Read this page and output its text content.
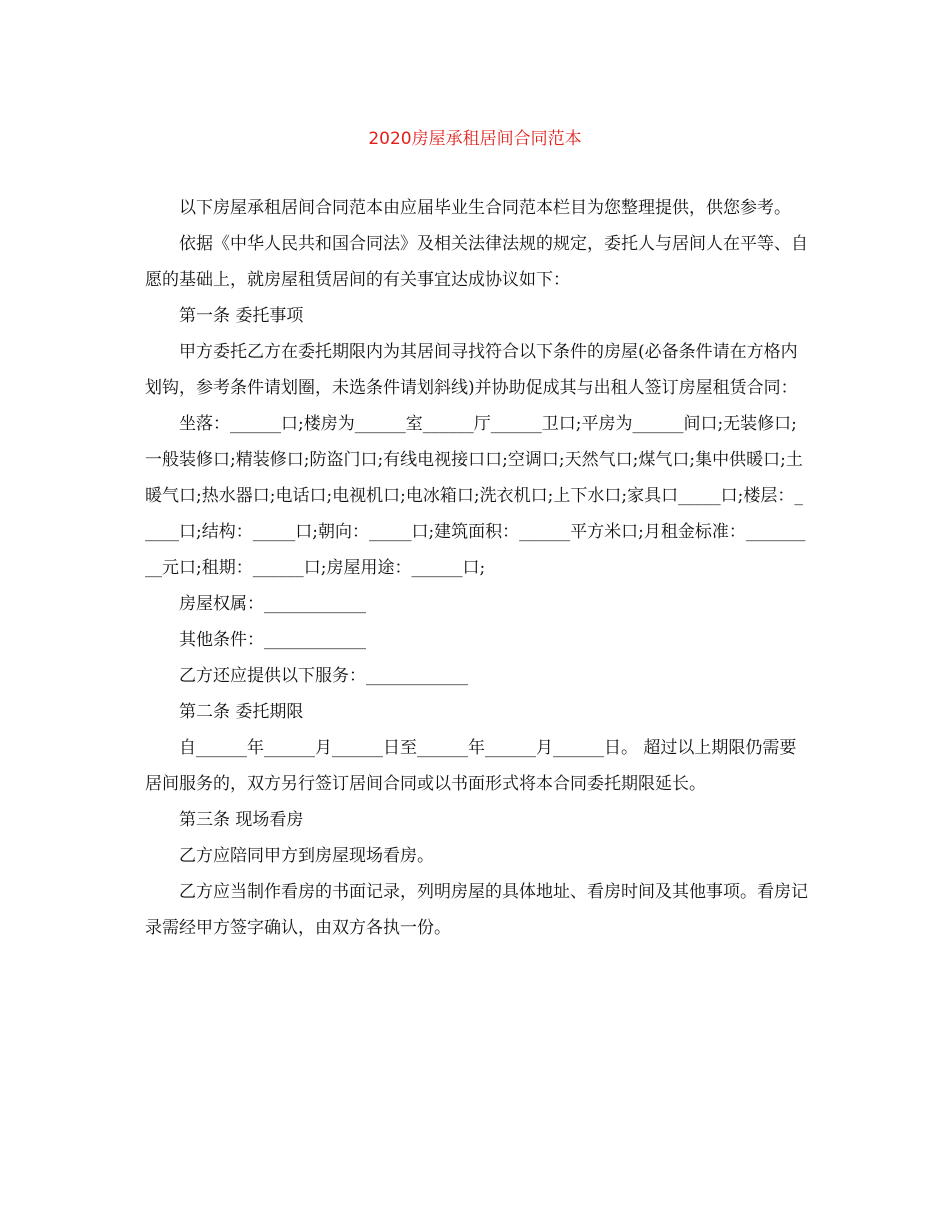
2020房屋承租居间合同范本

以下房屋承租居间合同范本由应届毕业生合同范本栏目为您整理提供，供您参考。

依据《中华人民共和国合同法》及相关法律法规的规定，委托人与居间人在平等、自愿的基础上，就房屋租赁居间的有关事宜达成协议如下：

第一条 委托事项

甲方委托乙方在委托期限内为其居间寻找符合以下条件的房屋(必备条件请在方格内划钩，参考条件请划圈，未选条件请划斜线)并协助促成其与出租人签订房屋租赁合同：

坐落：______口;楼房为______室______厅______卫口;平房为______间口;无装修口;一般装修口;精装修口;防盗门口;有线电视接口口;空调口;天然气口;煤气口;集中供暖口;土暖气口;热水器口;电话口;电视机口;电冰箱口;洗衣机口;上下水口;家具口_____口;楼层：_____口;结构：_____口;朝向：_____口;建筑面积：______平方米口;月租金标准：_________元口;租期：______口;房屋用途：______口;

房屋权属：____________

其他条件：____________

乙方还应提供以下服务：____________

第二条 委托期限

自______年______月______日至______年______月______日。 超过以上期限仍需要居间服务的，双方另行签订居间合同或以书面形式将本合同委托期限延长。

第三条 现场看房

乙方应陪同甲方到房屋现场看房。

乙方应当制作看房的书面记录，列明房屋的具体地址、看房时间及其他事项。看房记录需经甲方签字确认，由双方各执一份。
